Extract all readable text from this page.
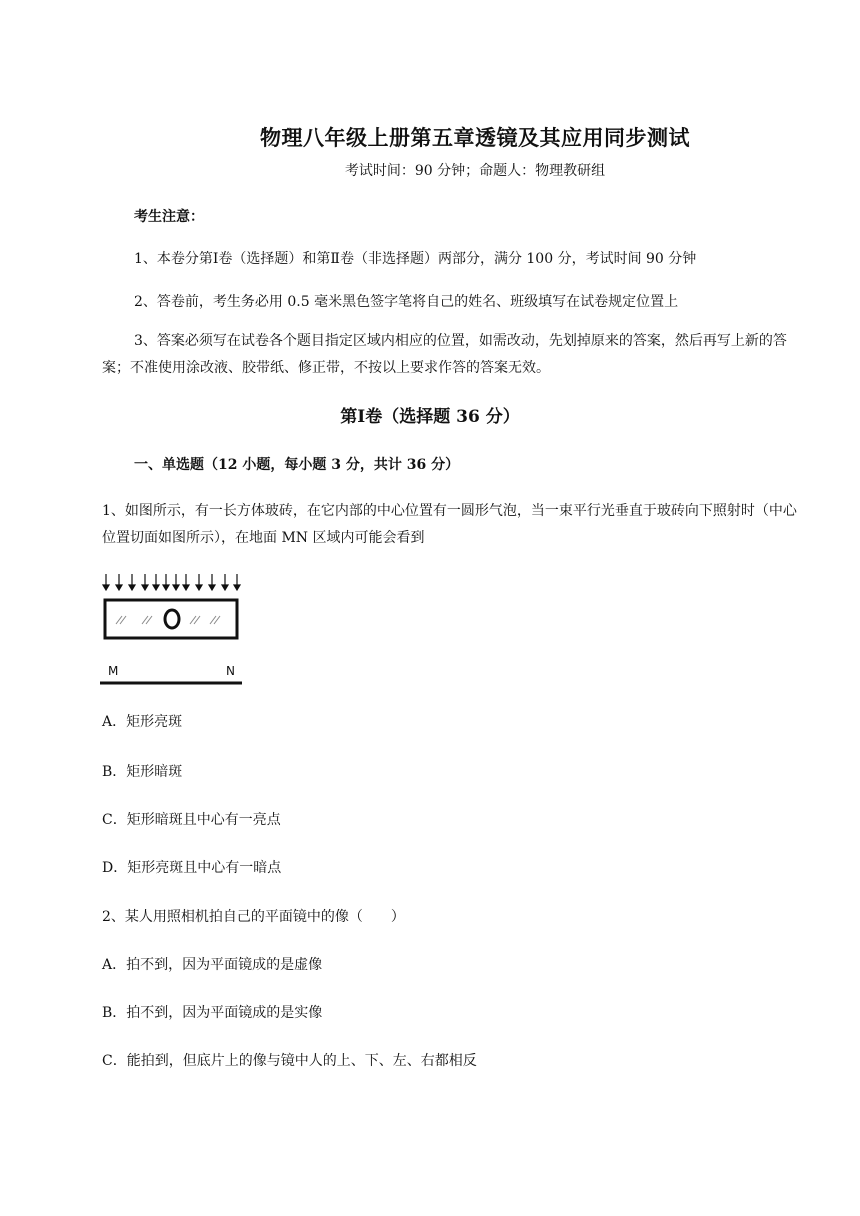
物理八年级上册第五章透镜及其应用同步测试
考试时间：90 分钟；命题人：物理教研组
考生注意：
1、本卷分第Ⅰ卷（选择题）和第Ⅱ卷（非选择题）两部分，满分 100 分，考试时间 90 分钟
2、答卷前，考生务必用 0.5 毫米黑色签字笔将自己的姓名、班级填写在试卷规定位置上
3、答案必须写在试卷各个题目指定区域内相应的位置，如需改动，先划掉原来的答案，然后再写上新的答案；不准使用涂改液、胶带纸、修正带，不按以上要求作答的答案无效。
第Ⅰ卷（选择题 36 分）
一、单选题（12 小题，每小题 3 分，共计 36 分）
1、如图所示，有一长方体玻砖，在它内部的中心位置有一圆形气泡，当一束平行光垂直于玻砖向下照射时（中心位置切面如图所示），在地面 MN 区域内可能会看到
M	N
A．矩形亮斑
B．矩形暗斑
C．矩形暗斑且中心有一亮点
D．矩形亮斑且中心有一暗点
2、某人用照相机拍自己的平面镜中的像（　　）
A．拍不到，因为平面镜成的是虚像
B．拍不到，因为平面镜成的是实像
C．能拍到，但底片上的像与镜中人的上、下、左、右都相反
